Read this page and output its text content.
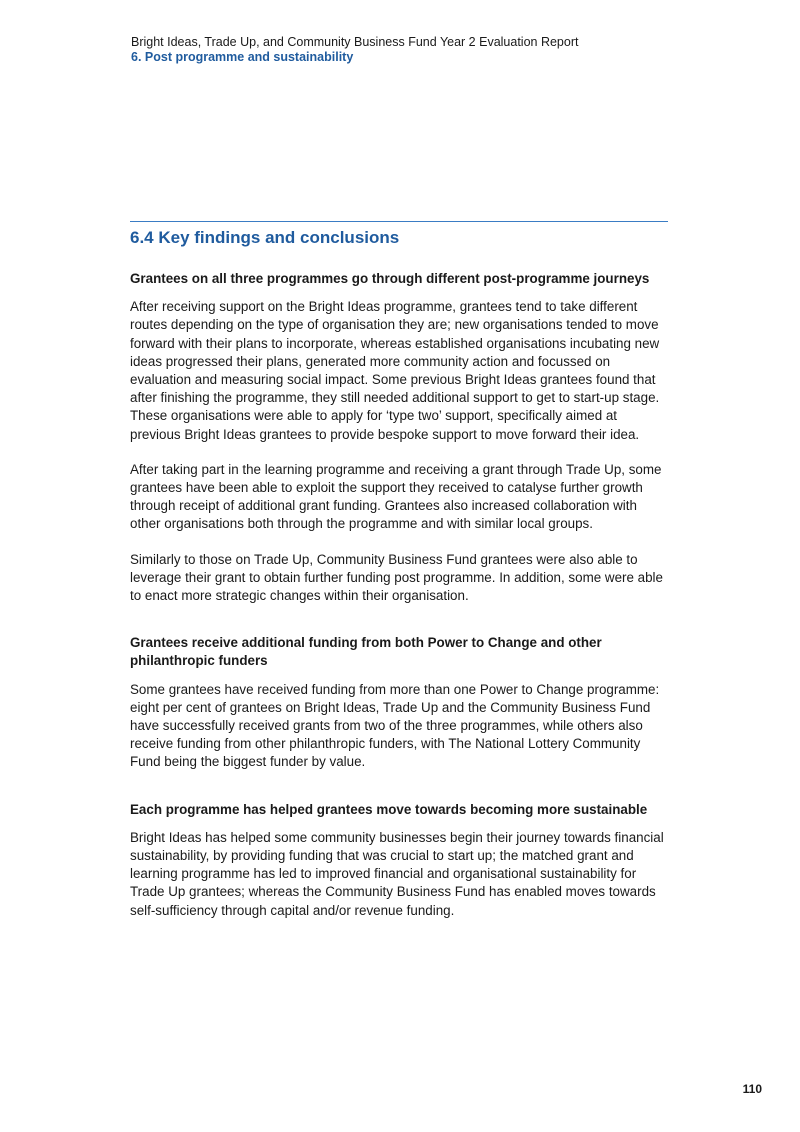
Bright Ideas, Trade Up, and Community Business Fund Year 2 Evaluation Report
6. Post programme and sustainability
6.4 Key findings and conclusions
Grantees on all three programmes go through different post-programme journeys

After receiving support on the Bright Ideas programme, grantees tend to take different routes depending on the type of organisation they are; new organisations tended to move forward with their plans to incorporate, whereas established organisations incubating new ideas progressed their plans, generated more community action and focussed on evaluation and measuring social impact. Some previous Bright Ideas grantees found that after finishing the programme, they still needed additional support to get to start-up stage. These organisations were able to apply for ‘type two’ support, specifically aimed at previous Bright Ideas grantees to provide bespoke support to move forward their idea.

After taking part in the learning programme and receiving a grant through Trade Up, some grantees have been able to exploit the support they received to catalyse further growth through receipt of additional grant funding. Grantees also increased collaboration with other organisations both through the programme and with similar local groups.

Similarly to those on Trade Up, Community Business Fund grantees were also able to leverage their grant to obtain further funding post programme. In addition, some were able to enact more strategic changes within their organisation.

Grantees receive additional funding from both Power to Change and other philanthropic funders

Some grantees have received funding from more than one Power to Change programme: eight per cent of grantees on Bright Ideas, Trade Up and the Community Business Fund have successfully received grants from two of the three programmes, while others also receive funding from other philanthropic funders, with The National Lottery Community Fund being the biggest funder by value.

Each programme has helped grantees move towards becoming more sustainable

Bright Ideas has helped some community businesses begin their journey towards financial sustainability, by providing funding that was crucial to start up; the matched grant and learning programme has led to improved financial and organisational sustainability for Trade Up grantees; whereas the Community Business Fund has enabled moves towards self-sufficiency through capital and/or revenue funding.

110
